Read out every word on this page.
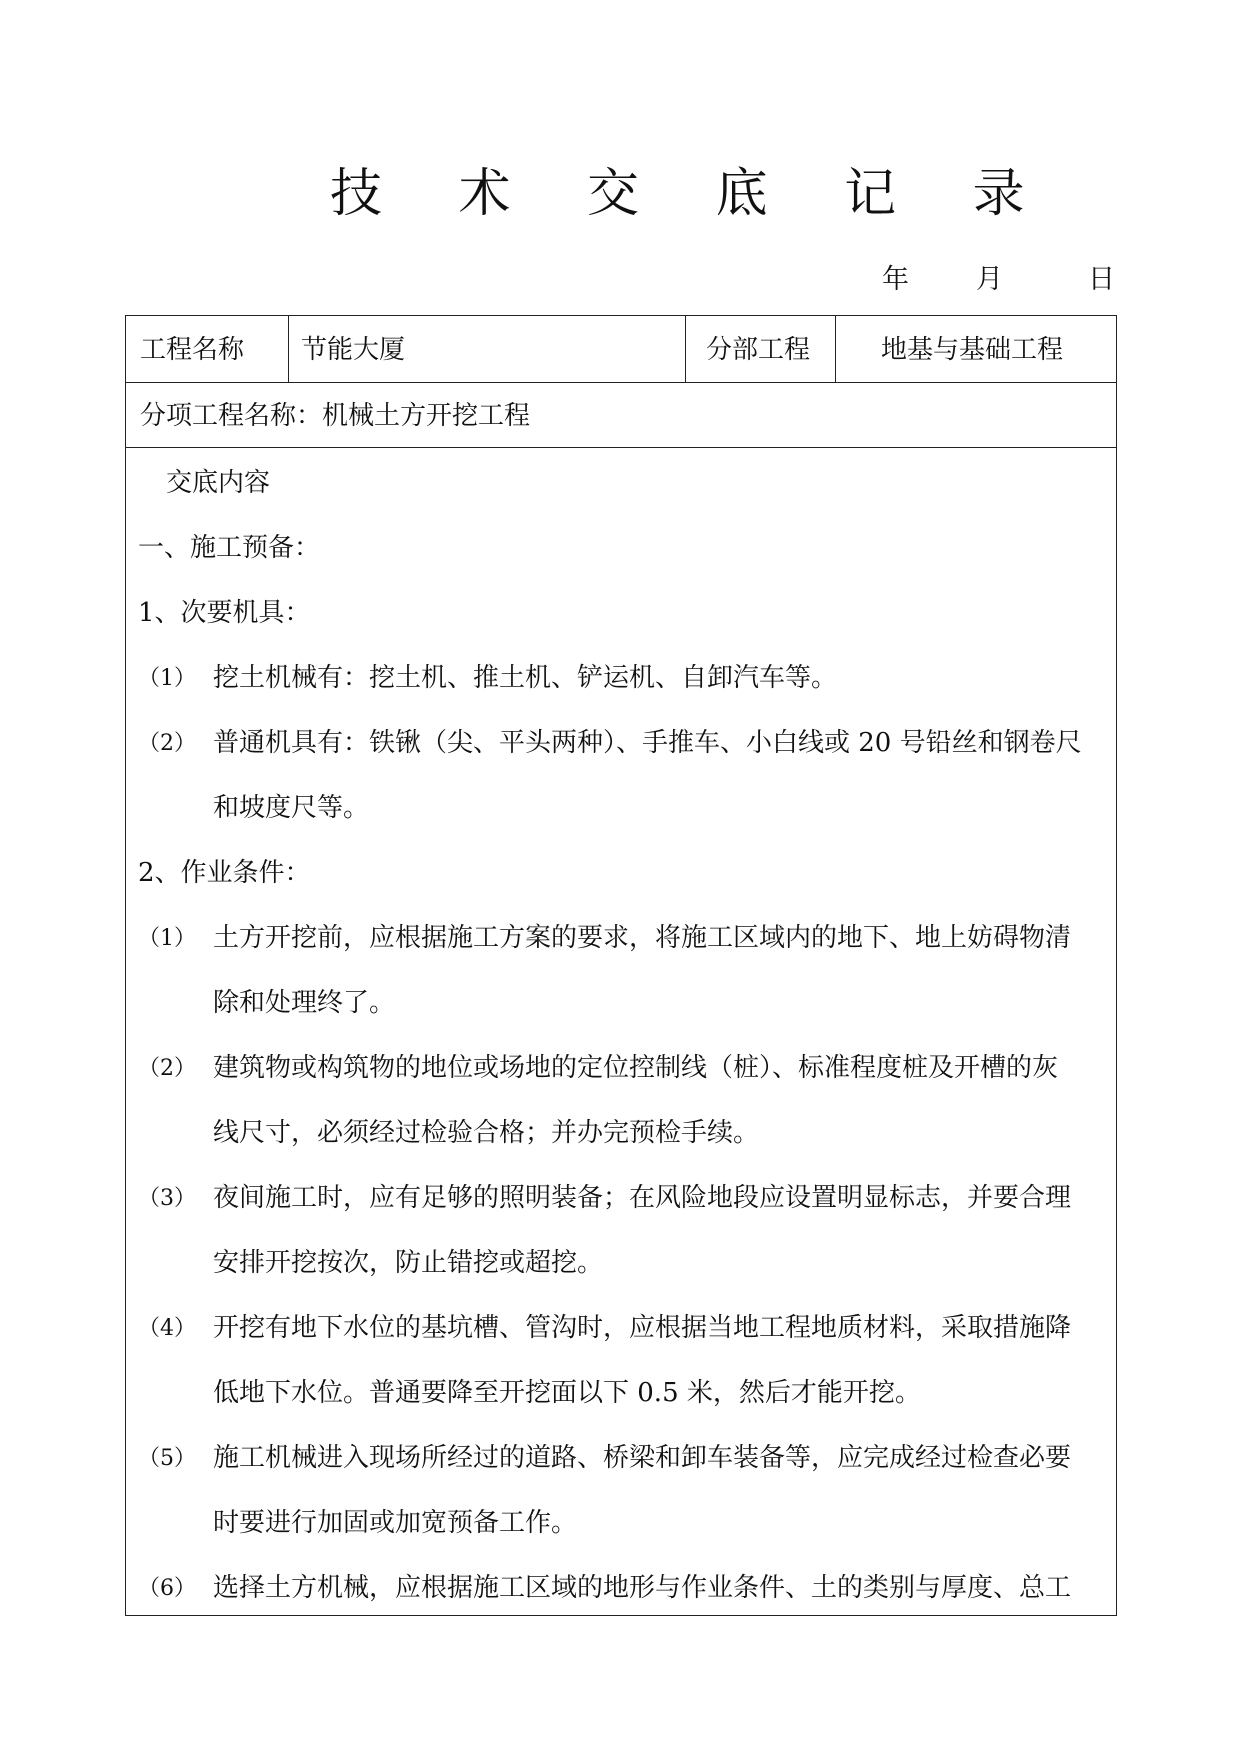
技 术 交 底 记 录
年 月	日
工程名称 节能大厦	分部工程	地基与基础工程
分项工程名称：机械土方开挖工程
交底内容
一、施工预备：
1、次要机具：
（1） 挖土机械有：挖土机、推土机、铲运机、自卸汽车等。
（2） 普通机具有：铁锹（尖、平头两种）、手推车、小白线或 20 号铅丝和钢卷尺
和坡度尺等。
2、作业条件：
（1） 土方开挖前，应根据施工方案的要求，将施工区域内的地下、地上妨碍物清
除和处理终了。
（2） 建筑物或构筑物的地位或场地的定位控制线（桩）、标准程度桩及开槽的灰
线尺寸，必须经过检验合格；并办完预检手续。
（3） 夜间施工时，应有足够的照明装备；在风险地段应设置明显标志，并要合理
安排开挖按次，防止错挖或超挖。
（4） 开挖有地下水位的基坑槽、管沟时，应根据当地工程地质材料，采取措施降
低地下水位。普通要降至开挖面以下 0.5 米，然后才能开挖。
（5） 施工机械进入现场所经过的道路、桥梁和卸车装备等，应完成经过检查必要
时要进行加固或加宽预备工作。
（6） 选择土方机械，应根据施工区域的地形与作业条件、土的类别与厚度、总工
